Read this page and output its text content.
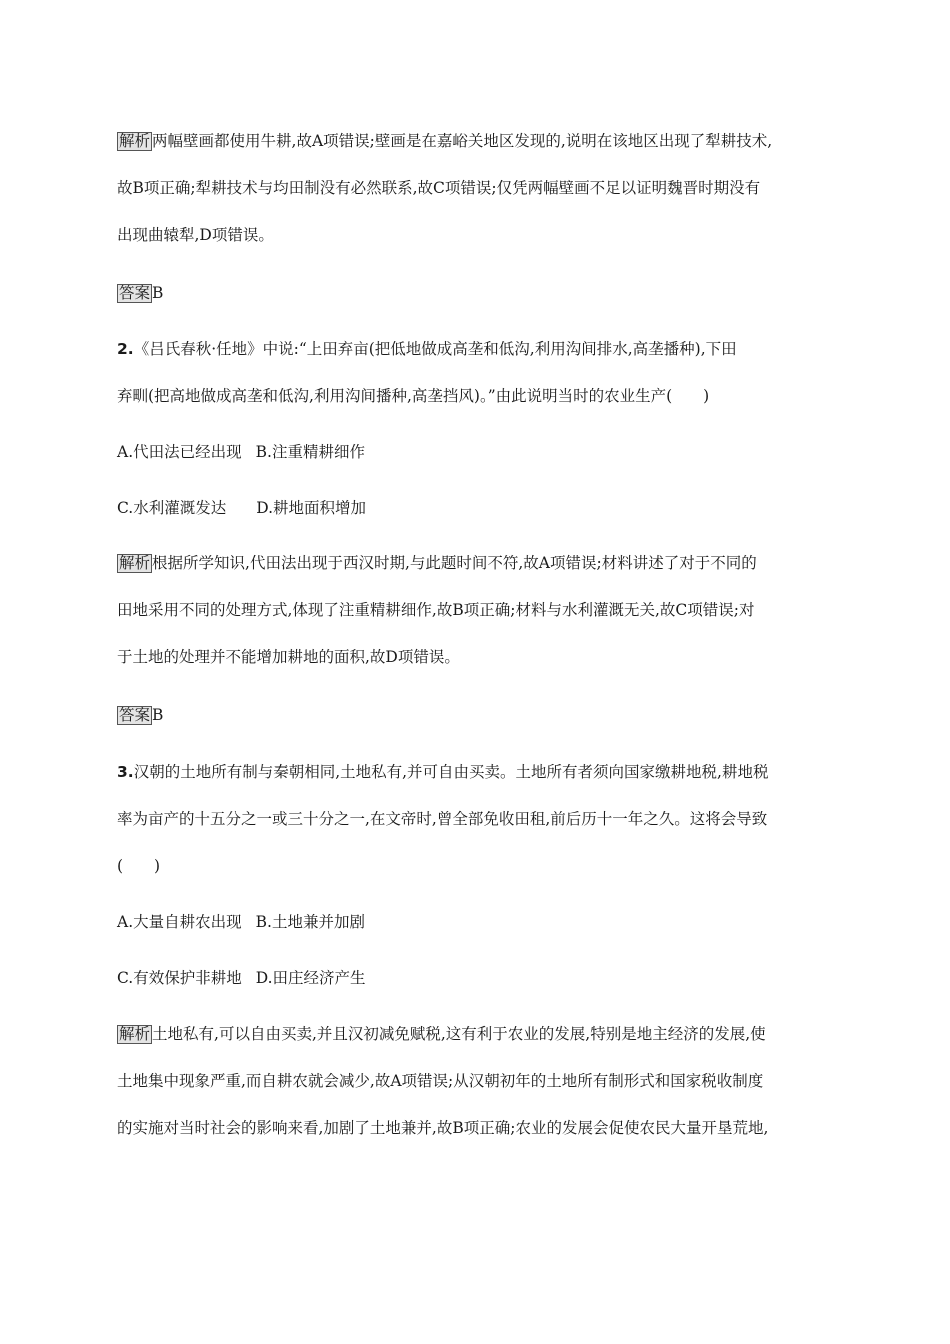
解析 两幅壁画都使用牛耕,故A项错误;壁画是在嘉峪关地区发现的,说明在该地区出现了犁耕技术,
故B项正确;犁耕技术与均田制没有必然联系,故C项错误;仅凭两幅壁画不足以证明魏晋时期没有
出现曲辕犁,D项错误。
答案 B
2.《吕氏春秋·任地》中说:“上田弃亩(把低地做成高垄和低沟,利用沟间排水,高垄播种),下田
弃甽(把高地做成高垄和低沟,利用沟间播种,高垄挡风)。”由此说明当时的农业生产(　　)
A.代田法已经出现 B.注重精耕细作
C.水利灌溉发达 D.耕地面积增加
解析 根据所学知识,代田法出现于西汉时期,与此题时间不符,故A项错误;材料讲述了对于不同的
田地采用不同的处理方式,体现了注重精耕细作,故B项正确;材料与水利灌溉无关,故C项错误;对
于土地的处理并不能增加耕地的面积,故D项错误。
答案 B
3.汉朝的土地所有制与秦朝相同,土地私有,并可自由买卖。土地所有者须向国家缴耕地税,耕地税
率为亩产的十五分之一或三十分之一,在文帝时,曾全部免收田租,前后历十一年之久。这将会导致
(　　)
A.大量自耕农出现 B.土地兼并加剧
C.有效保护非耕地 D.田庄经济产生
解析 土地私有,可以自由买卖,并且汉初减免赋税,这有利于农业的发展,特别是地主经济的发展,使
土地集中现象严重,而自耕农就会减少,故A项错误;从汉朝初年的土地所有制形式和国家税收制度
的实施对当时社会的影响来看,加剧了土地兼并,故B项正确;农业的发展会促使农民大量开垦荒地,
